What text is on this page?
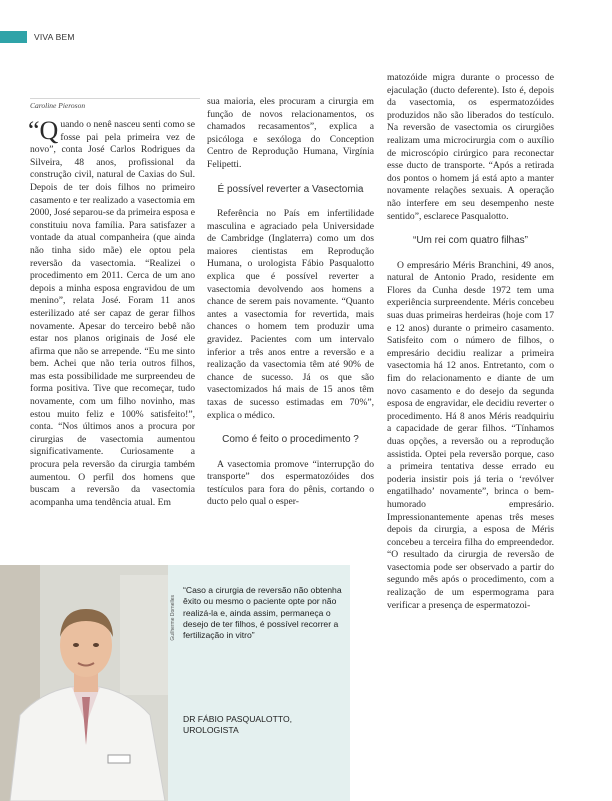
VIVA BEM
Caroline Pieroson

“Quando o nenê nasceu senti como se fosse pai pela primeira vez de novo”, conta José Carlos Rodrigues da Silveira, 48 anos, profissional da construção civil, natural de Caxias do Sul. Depois de ter dois filhos no primeiro casamento e ter realizado a vasectomia em 2000, José separou-se da primeira esposa e constituiu nova família. Para satisfazer a vontade da atual companheira (que ainda não tinha sido mãe) ele optou pela reversão da vasectomia. “Realizei o procedimento em 2011. Cerca de um ano depois a minha esposa engravidou de um menino”, relata José. Foram 11 anos esterilizado até ser capaz de gerar filhos novamente. Apesar do terceiro bebê não estar nos planos originais de José ele afirma que não se arrepende. “Eu me sinto bem. Achei que não teria outros filhos, mas esta possibilidade me surpreendeu de forma positiva. Tive que recomeçar, tudo novamente, com um filho novinho, mas estou muito feliz e 100% satisfeito!”, conta. “Nos últimos anos a procura por cirurgias de vasectomia aumentou significativamente. Curiosamente a procura pela reversão da cirurgia também aumentou. O perfil dos homens que buscam a reversão da vasectomia acompanha uma tendência atual. Em

sua maioria, eles procuram a cirurgia em função de novos relacionamentos, os chamados recasamentos”, explica a psicóloga e sexóloga do Conception Centro de Reprodução Humana, Virgínia Felipetti.

É possível reverter a Vasectomia

Referência no País em infertilidade masculina e agraciado pela Universidade de Cambridge (Inglaterra) como um dos maiores cientistas em Reprodução Humana, o urologista Fábio Pasqualotto explica que é possível reverter a vasectomia devolvendo aos homens a chance de serem pais novamente. “Quanto antes a vasectomia for revertida, mais chances o homem tem produzir uma gravidez. Pacientes com um intervalo inferior a três anos entre a reversão e a realização da vasectomia têm até 90% de chance de sucesso. Já os que são vasectomizados há mais de 15 anos têm taxas de sucesso estimadas em 70%”, explica o médico.

Como é feito o procedimento ?

A vasectomia promove “interrupção do transporte” dos espermatozóides dos testículos para fora do pênis, cortando o ducto pelo qual o esper-

matozóide migra durante o processo de ejaculação (ducto deferente). Isto é, depois da vasectomia, os espermatozóides produzidos não são liberados do testículo. Na reversão de vasectomia os cirurgiões realizam uma microcirurgia com o auxílio de microscópio cirúrgico para reconectar esse ducto de transporte. “Após a retirada dos pontos o homem já está apto a manter novamente relações sexuais. A operação não interfere em seu desempenho neste sentido”, esclarece Pasqualotto.

“Um rei com quatro filhas”

O empresário Méris Branchini, 49 anos, natural de Antonio Prado, residente em Flores da Cunha desde 1972 tem uma experiência surpreendente. Méris concebeu suas duas primeiras herdeiras (hoje com 17 e 12 anos) durante o primeiro casamento. Satisfeito com o número de filhos, o empresário decidiu realizar a primeira vasectomia há 12 anos. Entretanto, com o fim do relacionamento e diante de um novo casamento e do desejo da segunda esposa de engravidar, ele decidiu reverter o procedimento. Há 8 anos Méris readquiriu a capacidade de gerar filhos. “Tínhamos duas opções, a reversão ou a reprodução assistida. Optei pela reversão porque, caso a primeira tentativa desse errado eu poderia insistir pois já teria o ‘revólver engatilhado’ novamente”, brinca o bem-humorado empresário. Impressionantemente apenas três meses depois da cirurgia, a esposa de Méris concebeu a terceira filha do empreendedor. “O resultado da cirurgia de reversão de vasectomia pode ser observado a partir do segundo mês após o procedimento, com a realização de um espermograma para verificar a presença de espermatozoi-

Guilherme Dornelles
“Caso a cirurgia de reversão não obtenha êxito ou mesmo o paciente opte por não realizá-la e, ainda assim, permaneça o desejo de ter filhos, é possível recorrer a fertilização in vitro”
DR FÁBIO PASQUALOTTO,
UROLOGISTA
